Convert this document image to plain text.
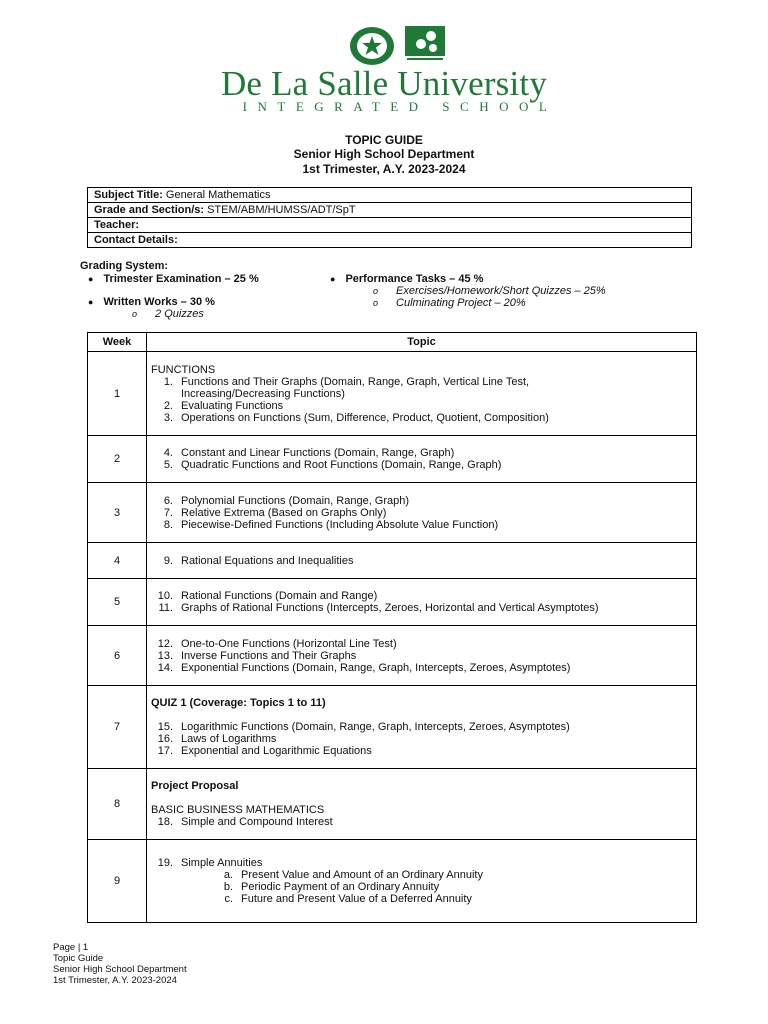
De La Salle University
INTEGRATED SCHOOL
TOPIC GUIDE
Senior High School Department
1st Trimester, A.Y. 2023-2024
Subject Title: General Mathematics
Grade and Section/s: STEM/ABM/HUMSS/ADT/SpT
Teacher:
Contact Details:
Grading System:
● Trimester Examination – 25 %
● Written Works – 30 %
o 2 Quizzes
● Performance Tasks – 45 %
o Exercises/Homework/Short Quizzes – 25%
o Culminating Project – 20%
Week	Topic
1	FUNCTIONS
1. Functions and Their Graphs (Domain, Range, Graph, Vertical Line Test,
Increasing/Decreasing Functions)
2. Evaluating Functions
3. Operations on Functions (Sum, Difference, Product, Quotient, Composition)

2	4. Constant and Linear Functions (Domain, Range, Graph)
5. Quadratic Functions and Root Functions (Domain, Range, Graph)

3	6. Polynomial Functions (Domain, Range, Graph)
7. Relative Extrema (Based on Graphs Only)
8. Piecewise-Defined Functions (Including Absolute Value Function)

4	9. Rational Equations and Inequalities

5	10. Rational Functions (Domain and Range)
11. Graphs of Rational Functions (Intercepts, Zeroes, Horizontal and Vertical Asymptotes)

6	12. One-to-One Functions (Horizontal Line Test)
13. Inverse Functions and Their Graphs
14. Exponential Functions (Domain, Range, Graph, Intercepts, Zeroes, Asymptotes)

7	QUIZ 1 (Coverage: Topics 1 to 11)
15. Logarithmic Functions (Domain, Range, Graph, Intercepts, Zeroes, Asymptotes)
16. Laws of Logarithms
17. Exponential and Logarithmic Equations

8	Project Proposal
BASIC BUSINESS MATHEMATICS
18. Simple and Compound Interest

9	19. Simple Annuities
a. Present Value and Amount of an Ordinary Annuity
b. Periodic Payment of an Ordinary Annuity
c. Future and Present Value of a Deferred Annuity
Page | 1
Topic Guide
Senior High School Department
1st Trimester, A.Y. 2023-2024
